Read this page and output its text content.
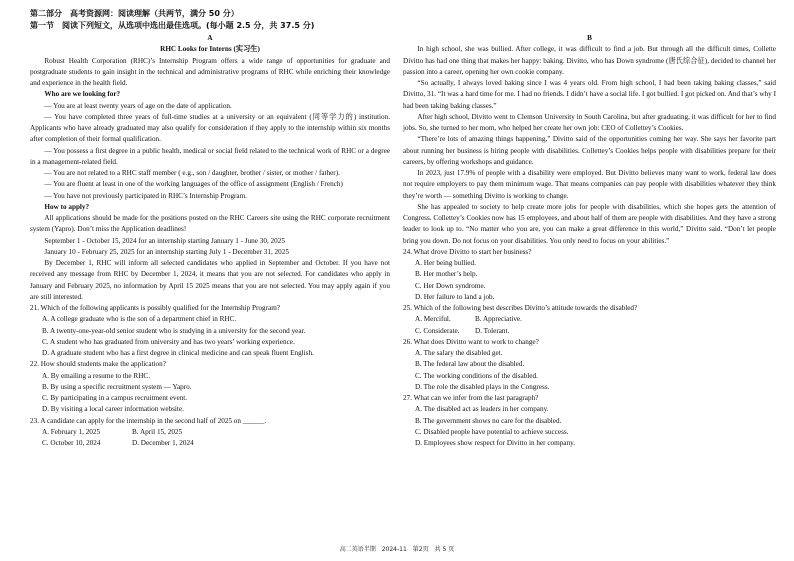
第二部分　高考资源网：阅读理解（共两节，满分 50 分）
第一节　阅读下列短文，从选项中选出最佳选项。(每小题 2.5 分，共 37.5 分)

A

RHC Looks for Interns (实习生)

Robust Health Corporation (RHC)’s Internship Program offers a wide range of opportunities for graduate and postgraduate students to gain insight in the technical and administrative programs of RHC while enriching their knowledge and experience in the health field.

Who are we looking for?

— You are at least twenty years of age on the date of application.

— You have completed three years of full-time studies at a university or an equivalent (同等学力的) institution. Applicants who have already graduated may also qualify for consideration if they apply to the internship within six months after completion of their formal qualification.

— You possess a first degree in a public health, medical or social field related to the technical work of RHC or a degree in a management-related field.

— You are not related to a RHC staff member ( e.g., son / daughter, brother / sister, or mother / father).

— You are fluent at least in one of the working languages of the office of assignment (English / French)

— You have not previously participated in RHC’s Internship Program.

How to apply?

All applications should be made for the positions posted on the RHC Careers site using the RHC corporate recruitment system (Yapro). Don’t miss the Application deadlines!

September 1 - October 15, 2024 for an internship starting January 1 - June 30, 2025

January 10 - February 25, 2025 for an internship starting July 1 - December 31, 2025

By December 1, RHC will inform all selected candidates who applied in September and October. If you have not received any message from RHC by December 1, 2024, it means that you are not selected. For candidates who apply in January and February 2025, no information by April 15 2025 means that you are not selected. You may apply again if you are still interested.

21. Which of the following applicants is possibly qualified for the Internship Program?

A. A college graduate who is the son of a department chief in RHC.

B. A twenty-one-year-old senior student who is studying in a university for the second year.

C. A student who has graduated from university and has two years’ working experience.

D. A graduate student who has a first degree in clinical medicine and can speak fluent English.

22. How should students make the application?

A. By emailing a resume to the RHC.

B. By using a specific recruitment system — Yapro.

C. By participating in a campus recruitment event.

D. By visiting a local career information website.

23. A candidate can apply for the internship in the second half of 2025 on ______.

A. February 1, 2025	B. April 15, 2025
C. October 10, 2024	D. December 1, 2024

B

In high school, she was bullied. After college, it was difficult to find a job. But through all the difficult times, Collette Divitto has had one thing that makes her happy: baking. Divitto, who has Down syndrome (唐氏综合征), decided to channel her passion into a career, opening her own cookie company.

“So actually, I always loved baking since I was 4 years old. From high school, I had been taking baking classes,” said Divitto, 31. “It was a hard time for me. I had no friends. I didn’t have a social life. I got bullied. I got picked on. And that’s why I had been taking baking classes.”

After high school, Divitto went to Clemson University in South Carolina, but after graduating, it was difficult for her to find jobs. So, she turned to her mom, who helped her create her own job: CEO of Collettey’s Cookies.

“There’re lots of amazing things happening,” Divitto said of the opportunities coming her way. She says her favorite part about running her business is hiring people with disabilities. Collettey’s Cookies helps people with disabilities prepare for their careers, by offering workshops and guidance.

In 2023, just 17.9% of people with a disability were employed. But Divitto believes many want to work, federal law does not require employers to pay them minimum wage. That means companies can pay people with disabilities whatever they think they’re worth — something Divitto is working to change.

She has appealed to society to help create more jobs for people with disabilities, which she hopes gets the attention of Congress. Collettey’s Cookies now has 15 employees, and about half of them are people with disabilities. And they have a strong leader to look up to. “No matter who you are, you can make a great difference in this world,” Divitto said. “Don’t let people bring you down. Do not focus on your disabilities. You only need to focus on your abilities.”

24. What drove Divitto to start her business?

A. Her being bullied.

B. Her mother’s help.

C. Her Down syndrome.

D. Her failure to land a job.

25. Which of the following best describes Divitto’s attitude towards the disabled?

A. Merciful.	B. Appreciative.
C. Considerate.	D. Tolerant.

26. What does Divitto want to work to change?

A. The salary the disabled get.

B. The federal law about the disabled.

C. The working conditions of the disabled.

D. The role the disabled plays in the Congress.

27. What can we infer from the last paragraph?

A. The disabled act as leaders in her company.

B. The government shows no care for the disabled.

C. Disabled people have potential to achieve success.

D. Employees show respect for Divitto in her company.

高二英语半期　2024-11　第2页　共 5 页
